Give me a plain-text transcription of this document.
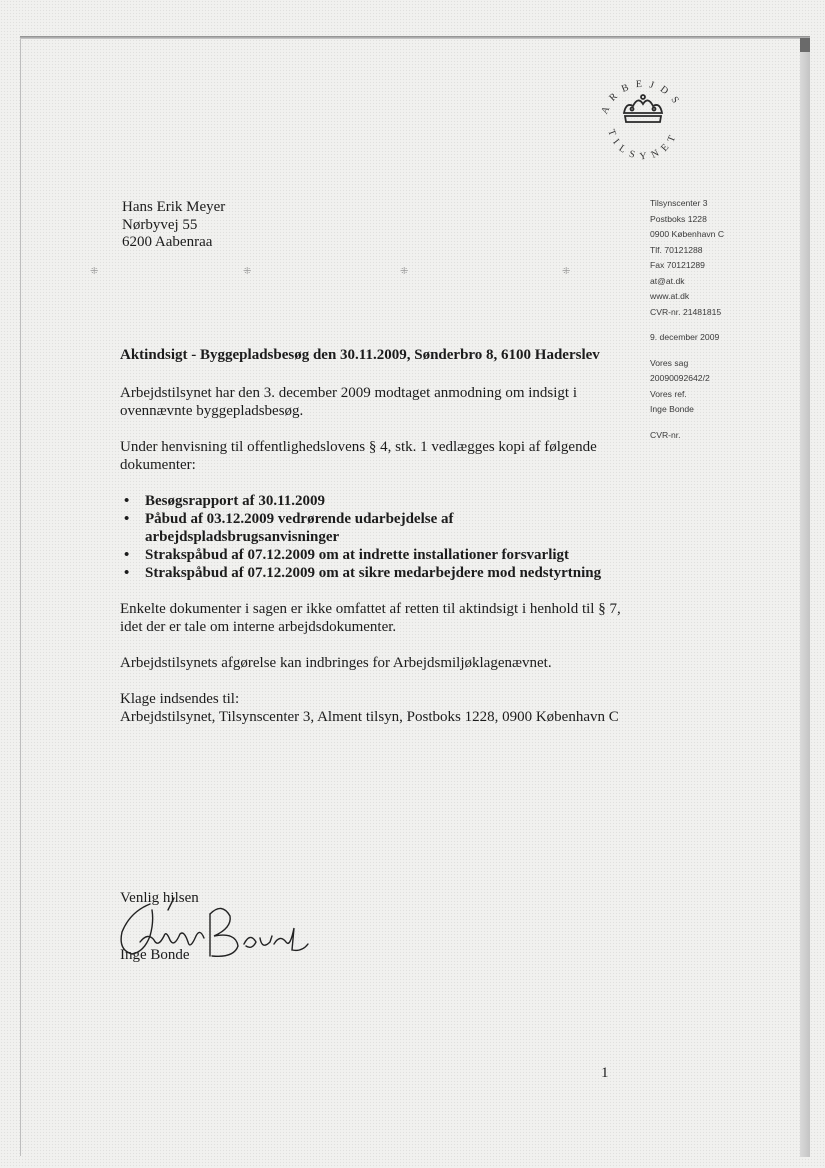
ARBEJDS
TILSYNET
Tilsynscenter 3
Postboks 1228
0900 København C
Tlf. 70121288
Fax 70121289
at@at.dk
www.at.dk
CVR-nr. 21481815
9. december 2009
Vores sag
20090092642/2
Vores ref.
Inge Bonde
CVR-nr.
Hans Erik Meyer
Nørbyvej 55
6200 Aabenraa
⁜	⁜	⁜	⁜

Aktindsigt - Byggepladsbesøg den 30.11.2009, Sønderbro 8, 6100 Haderslev

Arbejdstilsynet har den 3. december 2009 modtaget anmodning om indsigt i ovennævnte byggepladsbesøg.

Under henvisning til offentlighedslovens § 4, stk. 1 vedlægges kopi af følgende dokumenter:

• Besøgsrapport af 30.11.2009
• Påbud af 03.12.2009 vedrørende udarbejdelse af arbejdspladsbrugsanvisninger
• Strakspåbud af 07.12.2009 om at indrette installationer forsvarligt
• Strakspåbud af 07.12.2009 om at sikre medarbejdere mod nedstyrtning

Enkelte dokumenter i sagen er ikke omfattet af retten til aktindsigt i henhold til § 7, idet der er tale om interne arbejdsdokumenter.

Arbejdstilsynets afgørelse kan indbringes for Arbejdsmiljøklagenævnet.

Klage indsendes til:
Arbejdstilsynet, Tilsynscenter 3, Alment tilsyn, Postboks 1228, 0900 København C

Venlig hilsen
Inge Bonde
1
